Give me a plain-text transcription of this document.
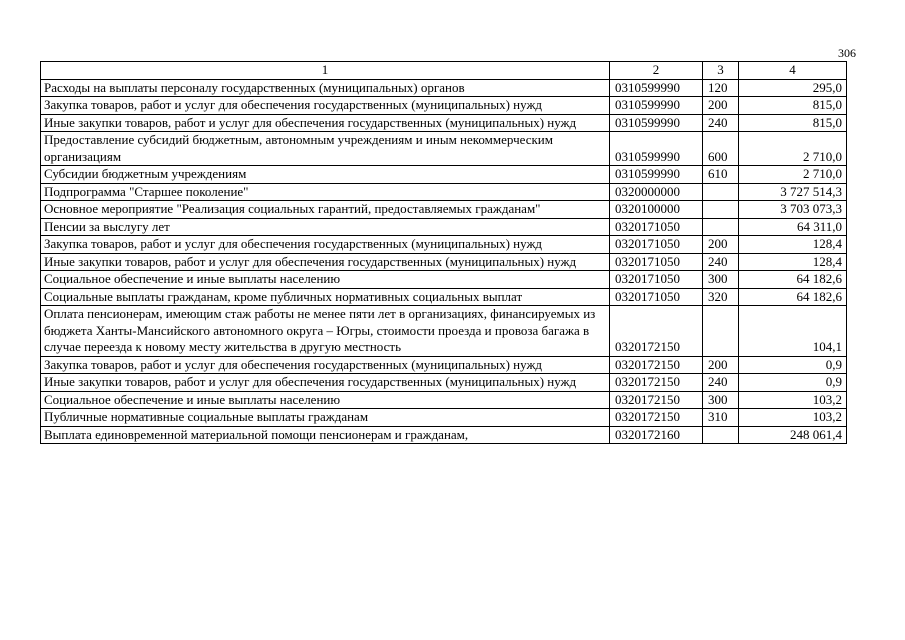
306
1	2	3	4
Расходы на выплаты персоналу государственных (муниципальных) органов	0310599990	120	295,0
Закупка товаров, работ и услуг для обеспечения государственных (муниципальных) нужд	0310599990	200	815,0
Иные закупки товаров, работ и услуг для обеспечения государственных (муниципальных) нужд	0310599990	240	815,0
Предоставление субсидий бюджетным, автономным учреждениям и иным некоммерческим организациям	0310599990	600	2 710,0
Субсидии бюджетным учреждениям	0310599990	610	2 710,0
Подпрограмма "Старшее поколение"	0320000000		3 727 514,3
Основное мероприятие "Реализация социальных гарантий, предоставляемых гражданам"	0320100000		3 703 073,3
Пенсии за выслугу лет	0320171050		64 311,0
Закупка товаров, работ и услуг для обеспечения государственных (муниципальных) нужд	0320171050	200	128,4
Иные закупки товаров, работ и услуг для обеспечения государственных (муниципальных) нужд	0320171050	240	128,4
Социальное обеспечение и иные выплаты населению	0320171050	300	64 182,6
Социальные выплаты гражданам, кроме публичных нормативных социальных выплат	0320171050	320	64 182,6
Оплата пенсионерам, имеющим стаж работы не менее пяти лет в организациях, финансируемых из бюджета Ханты-Мансийского автономного округа – Югры, стоимости проезда и провоза багажа в случае переезда к новому месту жительства в другую местность	0320172150		104,1
Закупка товаров, работ и услуг для обеспечения государственных (муниципальных) нужд	0320172150	200	0,9
Иные закупки товаров, работ и услуг для обеспечения государственных (муниципальных) нужд	0320172150	240	0,9
Социальное обеспечение и иные выплаты населению	0320172150	300	103,2
Публичные нормативные социальные выплаты гражданам	0320172150	310	103,2
Выплата единовременной материальной помощи пенсионерам и гражданам,	0320172160		248 061,4
